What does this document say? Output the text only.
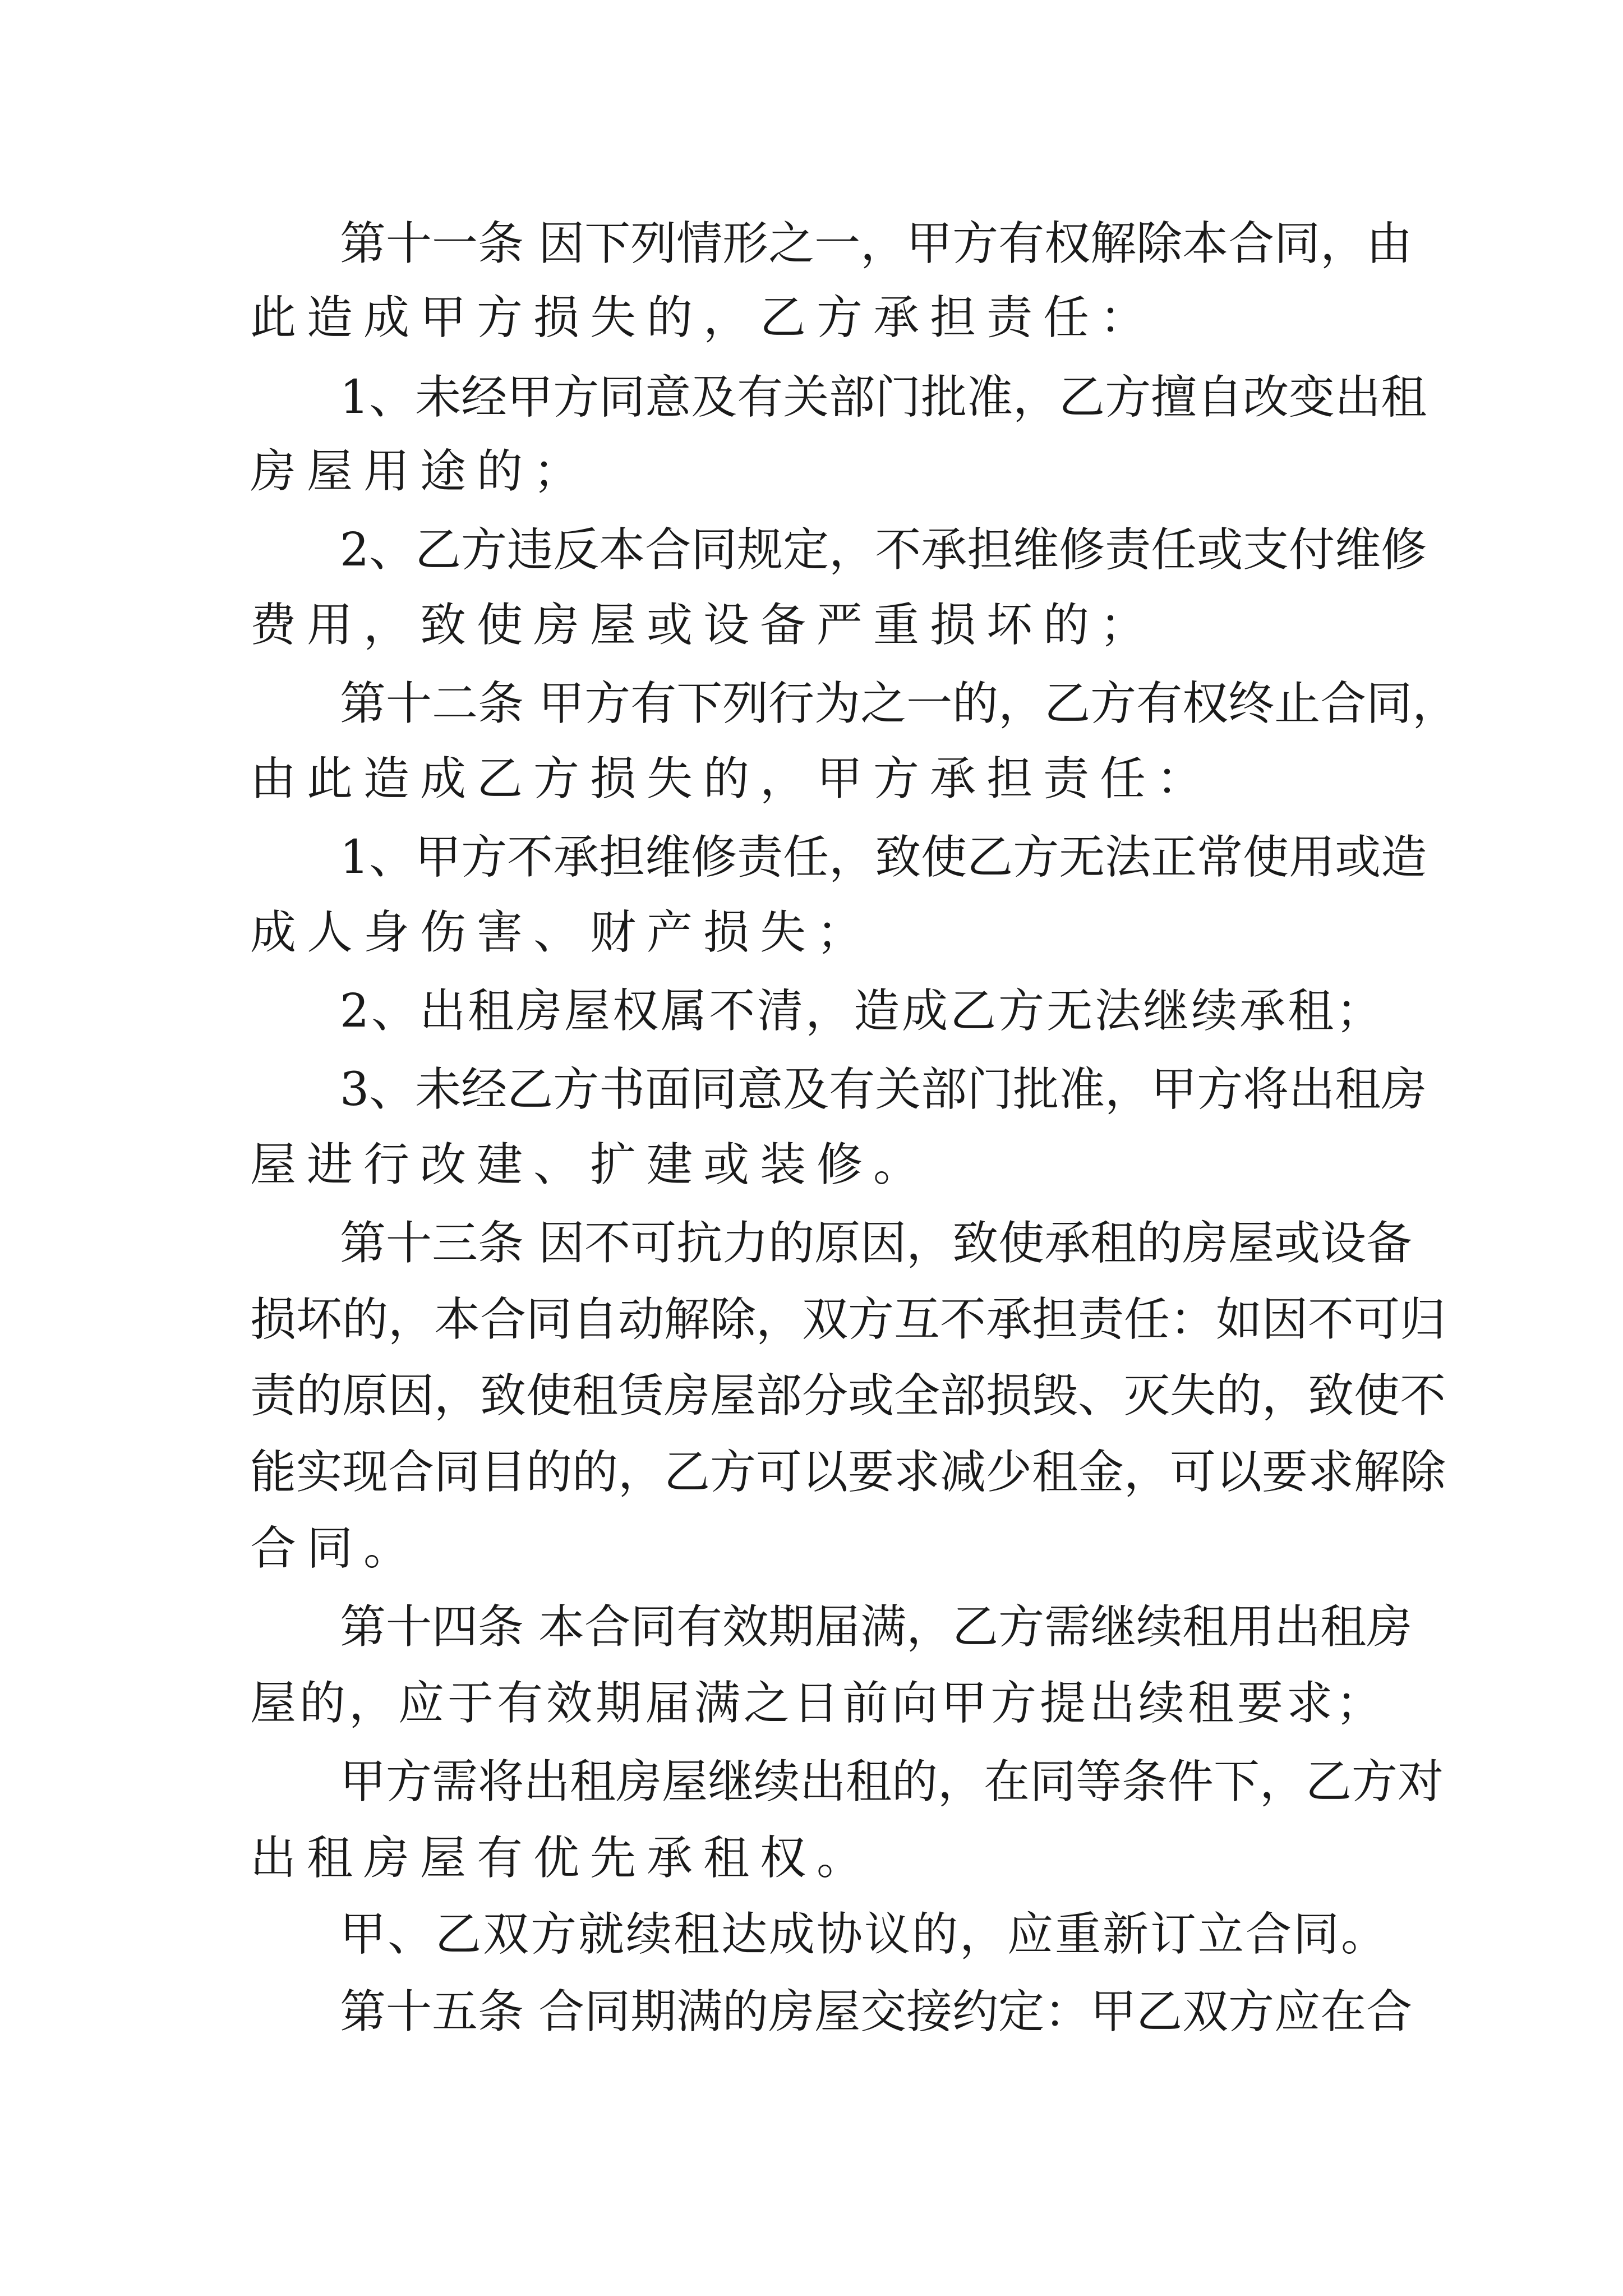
第十一条 因下列情形之一，甲方有权解除本合同，由
此造成甲方损失的，乙方承担责任：
1、未经甲方同意及有关部门批准，乙方擅自改变出租
房屋用途的；
2、乙方违反本合同规定，不承担维修责任或支付维修
费用，致使房屋或设备严重损坏的；
第十二条 甲方有下列行为之一的，乙方有权终止合同，
由此造成乙方损失的，甲方承担责任：
1、甲方不承担维修责任，致使乙方无法正常使用或造
成人身伤害、财产损失；
2、出租房屋权属不清，造成乙方无法继续承租；
3、未经乙方书面同意及有关部门批准，甲方将出租房
屋进行改建、扩建或装修。
第十三条 因不可抗力的原因，致使承租的房屋或设备
损坏的，本合同自动解除，双方互不承担责任：如因不可归
责的原因，致使租赁房屋部分或全部损毁、灭失的，致使不
能实现合同目的的，乙方可以要求减少租金，可以要求解除
合同。
第十四条 本合同有效期届满，乙方需继续租用出租房
屋的，应于有效期届满之日前向甲方提出续租要求；
甲方需将出租房屋继续出租的，在同等条件下，乙方对
出租房屋有优先承租权。
甲、乙双方就续租达成协议的，应重新订立合同。
第十五条 合同期满的房屋交接约定：甲乙双方应在合
